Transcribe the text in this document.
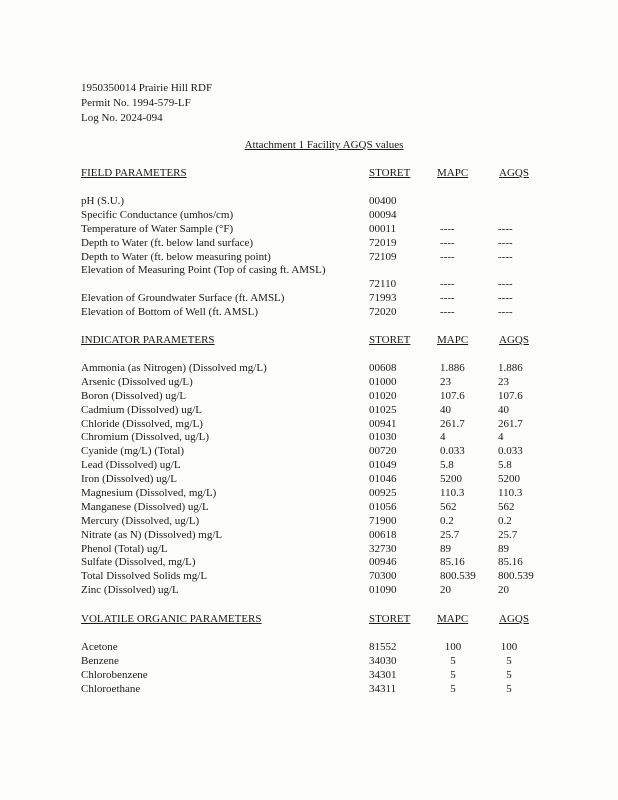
1950350014 Prairie Hill RDF
Permit No. 1994-579-LF
Log No. 2024-094
Attachment 1 Facility AGQS values
FIELD PARAMETERS	STORET MAPC	AGQS
pH (S.U.)	00400
Specific Conductance (umhos/cm)	00094
Temperature of Water Sample (°F)	00011	----	----
Depth to Water (ft. below land surface)	72019	----	----
Depth to Water (ft. below measuring point)	72109	----	----
Elevation of Measuring Point (Top of casing ft. AMSL)
72110	----	----
Elevation of Groundwater Surface (ft. AMSL)	71993	----	----
Elevation of Bottom of Well (ft. AMSL)	72020	----	----
INDICATOR PARAMETERS	STORET MAPC	AGQS
Ammonia (as Nitrogen) (Dissolved mg/L)	00608	1.886	1.886
Arsenic (Dissolved ug/L)	01000	23	23
Boron (Dissolved) ug/L	01020	107.6	107.6
Cadmium (Dissolved) ug/L	01025	40	40
Chloride (Dissolved, mg/L)	00941	261.7	261.7
Chromium (Dissolved, ug/L)	01030	4	4
Cyanide (mg/L) (Total)	00720	0.033	0.033
Lead (Dissolved) ug/L	01049	5.8	5.8
Iron (Dissolved) ug/L	01046	5200	5200
Magnesium (Dissolved, mg/L)	00925	110.3	110.3
Manganese (Dissolved) ug/L	01056	562	562
Mercury (Dissolved, ug/L)	71900	0.2	0.2
Nitrate (as N) (Dissolved) mg/L	00618	25.7	25.7
Phenol (Total) ug/L	32730	89	89
Sulfate (Dissolved, mg/L)	00946	85.16	85.16
Total Dissolved Solids mg/L	70300	800.539 800.539
Zinc (Dissolved) ug/L	01090	20	20
VOLATILE ORGANIC PARAMETERS	STORET MAPC	AGQS
Acetone	81552	100	100
Benzene	34030	5	5
Chlorobenzene	34301	5	5
Chloroethane	34311	5	5
